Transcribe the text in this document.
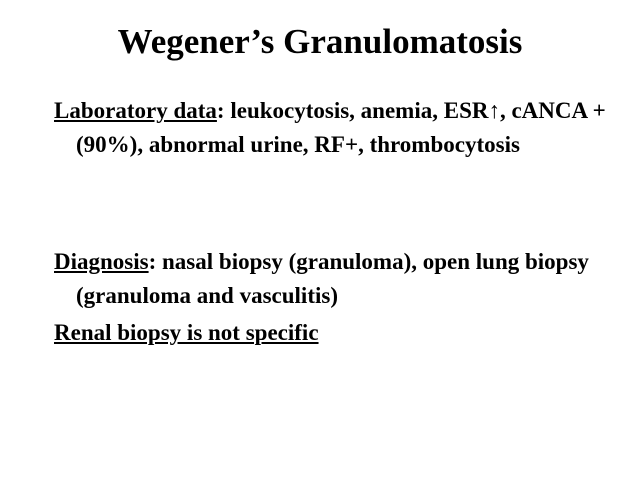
Wegener’s Granulomatosis

Laboratory data: leukocytosis, anemia, ESR↑, cANCA + (90%), abnormal urine, RF+, thrombocytosis

Diagnosis: nasal biopsy (granuloma), open lung biopsy (granuloma and vasculitis)

Renal biopsy is not specific
